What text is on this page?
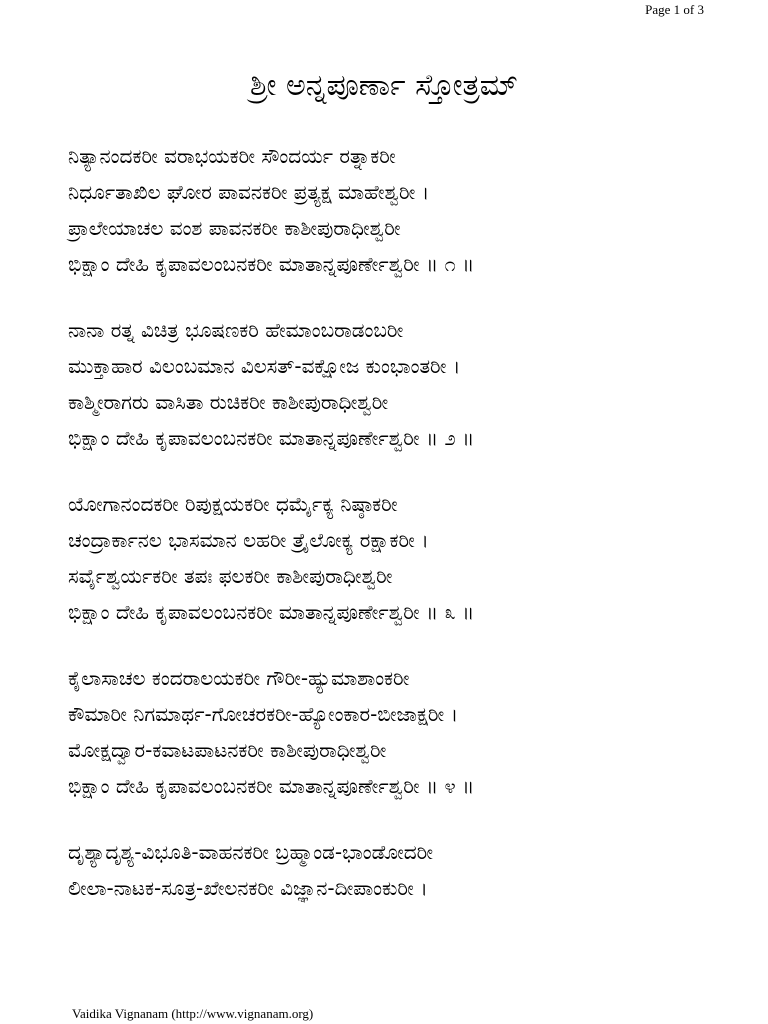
Page 1 of 3
ಶ್ರೀ ಅನ್ನಪೂರ್ಣಾ ಸ್ತೋತ್ರಮ್
ನಿತ್ಯಾನಂದಕರೀ ವರಾಭಯಕರೀ ಸೌಂದರ್ಯ ರತ್ನಾಕರೀ
ನಿರ್ಧೂತಾಖಿಲ ಘೋರ ಪಾವನಕರೀ ಪ್ರತ್ಯಕ್ಷ ಮಾಹೇಶ್ವರೀ ।
ಪ್ರಾಲೇಯಾಚಲ ವಂಶ ಪಾವನಕರೀ ಕಾಶೀಪುರಾಧೀಶ್ವರೀ
ಭಿಕ್ಷಾಂ ದೇಹಿ ಕೃಪಾವಲಂಬನಕರೀ ಮಾತಾನ್ನಪೂರ್ಣೇಶ್ವರೀ ॥ ೧ ॥
ನಾನಾ ರತ್ನ ವಿಚಿತ್ರ ಭೂಷಣಕರಿ ಹೇಮಾಂಬರಾಡಂಬರೀ
ಮುಕ್ತಾಹಾರ ವಿಲಂಬಮಾನ ವಿಲಸತ್-ವಕ್ಷೋಜ ಕುಂಭಾಂತರೀ ।
ಕಾಶ್ಮೀರಾಗರು ವಾಸಿತಾ ರುಚಿಕರೀ ಕಾಶೀಪುರಾಧೀಶ್ವರೀ
ಭಿಕ್ಷಾಂ ದೇಹಿ ಕೃಪಾವಲಂಬನಕರೀ ಮಾತಾನ್ನಪೂರ್ಣೇಶ್ವರೀ ॥ ೨ ॥
ಯೋಗಾನಂದಕರೀ ರಿಪುಕ್ಷಯಕರೀ ಧರ್ಮೈಕ್ಯ ನಿಷ್ಠಾಕರೀ
ಚಂದ್ರಾರ್ಕಾನಲ ಭಾಸಮಾನ ಲಹರೀ ತ್ರೈಲೋಕ್ಯ ರಕ್ಷಾಕರೀ ।
ಸರ್ವೈಶ್ವರ್ಯಕರೀ ತಪಃ ಫಲಕರೀ ಕಾಶೀಪುರಾಧೀಶ್ವರೀ
ಭಿಕ್ಷಾಂ ದೇಹಿ ಕೃಪಾವಲಂಬನಕರೀ ಮಾತಾನ್ನಪೂರ್ಣೇಶ್ವರೀ ॥ ೩ ॥
ಕೈಲಾಸಾಚಲ ಕಂದರಾಲಯಕರೀ ಗೌರೀ-ಹ್ಯುಮಾಶಾಂಕರೀ
ಕೌಮಾರೀ ನಿಗಮಾರ್ಥ-ಗೋಚರಕರೀ-ಹ್ಯೋಂಕಾರ-ಬೀಜಾಕ್ಷರೀ ।
ಮೋಕ್ಷದ್ವಾರ-ಕವಾಟಪಾಟನಕರೀ ಕಾಶೀಪುರಾಧೀಶ್ವರೀ
ಭಿಕ್ಷಾಂ ದೇಹಿ ಕೃಪಾವಲಂಬನಕರೀ ಮಾತಾನ್ನಪೂರ್ಣೇಶ್ವರೀ ॥ ೪ ॥
ದೃಶ್ಯಾದೃಶ್ಯ-ವಿಭೂತಿ-ವಾಹನಕರೀ ಬ್ರಹ್ಮಾಂಡ-ಭಾಂಡೋದರೀ
ಲೀಲಾ-ನಾಟಕ-ಸೂತ್ರ-ಖೇಲನಕರೀ ವಿಜ್ಞಾನ-ದೀಪಾಂಕುರೀ ।
Vaidika Vignanam (http://www.vignanam.org)
